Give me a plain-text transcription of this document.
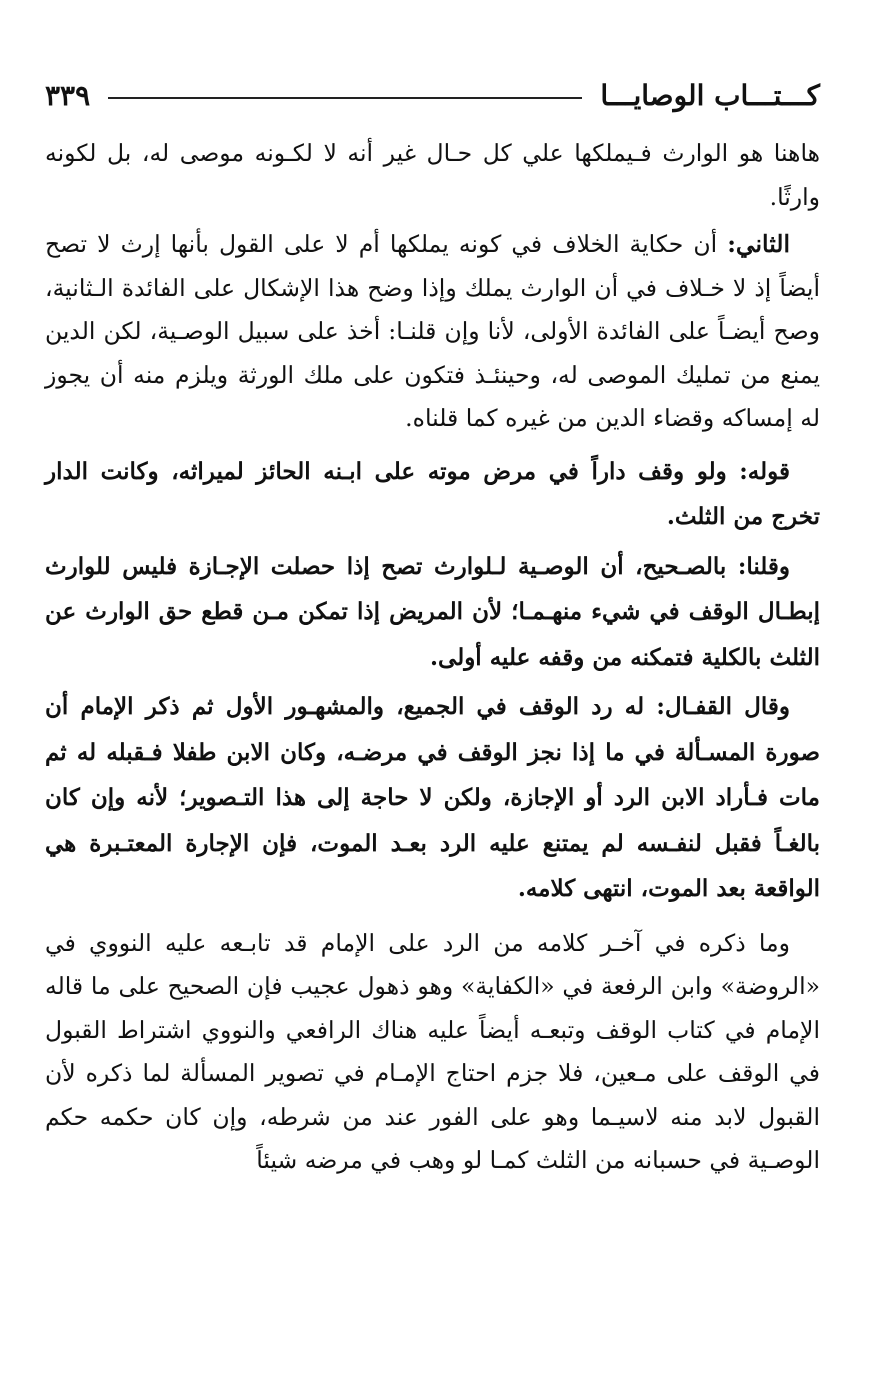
كـــتـــاب الوصايـــا
٣٣٩

هاهنا هو الوارث فـيملكها علي كل حـال غير أنه لا لكـونه موصى له، بل لكونه وارثًا.

الثاني: أن حكاية الخلاف في كونه يملكها أم لا على القول بأنها إرث لا تصح أيضاً إذ لا خـلاف في أن الوارث يملك وإذا وضح هذا الإشكال على الفائدة الـثانية، وصح أيضـاً على الفائدة الأولى، لأنا وإن قلنـا: أخذ على سبيل الوصـية، لكن الدين يمنع من تمليك الموصى له، وحينئـذ فتكون على ملك الورثة ويلزم منه أن يجوز له إمساكه وقضاء الدين من غيره كما قلناه.

قوله: ولو وقف داراً في مرض موته على ابـنه الحائز لميراثه، وكانت الدار تخرج من الثلث.

وقلنا: بالصـحيح، أن الوصـية لـلوارث تصح إذا حصلت الإجـازة فليس للوارث إبطـال الوقف في شيء منهـمـا؛ لأن المريض إذا تمكن مـن قطع حق الوارث عن الثلث بالكلية فتمكنه من وقفه عليه أولى.

وقال القفـال: له رد الوقف في الجميع، والمشهـور الأول ثم ذكر الإمام أن صورة المسـألة في ما إذا نجز الوقف في مرضـه، وكان الابن طفلا فـقبله له ثم مات فـأراد الابن الرد أو الإجازة، ولكن لا حاجة إلى هذا التـصوير؛ لأنه وإن كان بالغـاً فقبل لنفـسه لم يمتنع عليه الرد بعـد الموت، فإن الإجارة المعتـبرة هي الواقعة بعد الموت، انتهى كلامه.

وما ذكره في آخـر كلامه من الرد على الإمام قد تابـعه عليه النووي في «الروضة» وابن الرفعة في «الكفاية» وهو ذهول عجيب فإن الصحيح على ما قاله الإمام في كتاب الوقف وتبعـه أيضاً عليه هناك الرافعي والنووي اشتراط القبول في الوقف على مـعين، فلا جزم احتاج الإمـام في تصوير المسألة لما ذكره لأن القبول لابد منه لاسيـما وهو على الفور عند من شرطه، وإن كان حكمه حكم الوصـية في حسبانه من الثلث كمـا لو وهب في مرضه شيئاً
